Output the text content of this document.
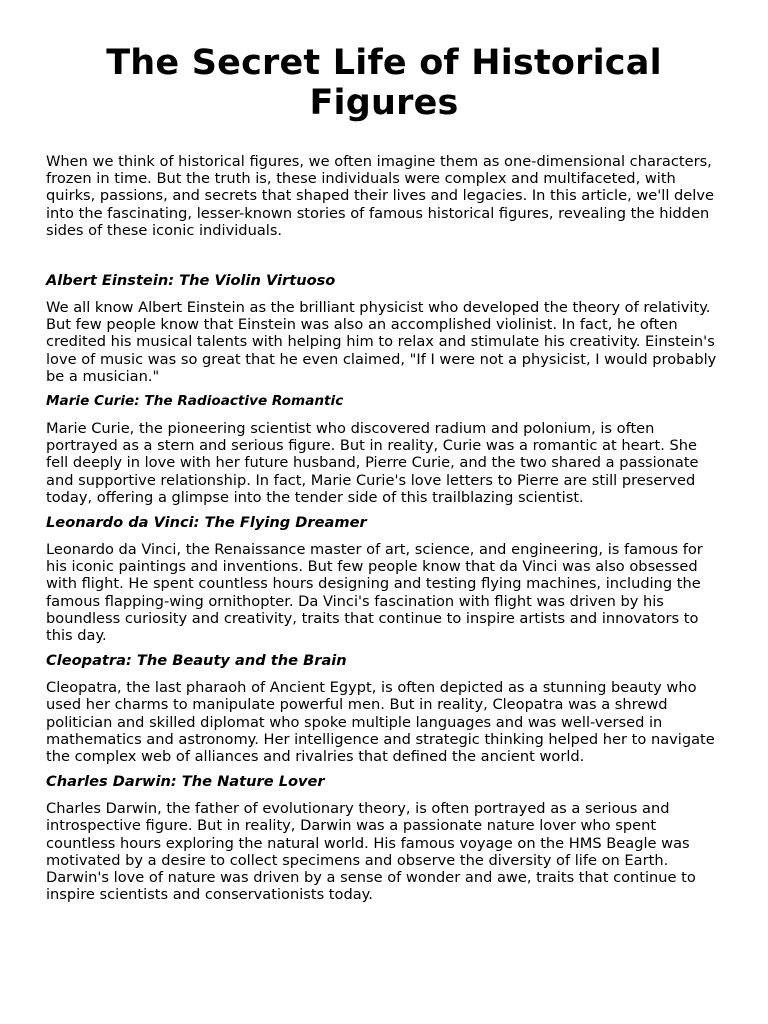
The Secret Life of Historical Figures

When we think of historical figures, we often imagine them as one-dimensional characters, frozen in time. But the truth is, these individuals were complex and multifaceted, with quirks, passions, and secrets that shaped their lives and legacies. In this article, we'll delve into the fascinating, lesser-known stories of famous historical figures, revealing the hidden sides of these iconic individuals.

Albert Einstein: The Violin Virtuoso

We all know Albert Einstein as the brilliant physicist who developed the theory of relativity. But few people know that Einstein was also an accomplished violinist. In fact, he often credited his musical talents with helping him to relax and stimulate his creativity. Einstein's love of music was so great that he even claimed, "If I were not a physicist, I would probably be a musician."

Marie Curie: The Radioactive Romantic

Marie Curie, the pioneering scientist who discovered radium and polonium, is often portrayed as a stern and serious figure. But in reality, Curie was a romantic at heart. She fell deeply in love with her future husband, Pierre Curie, and the two shared a passionate and supportive relationship. In fact, Marie Curie's love letters to Pierre are still preserved today, offering a glimpse into the tender side of this trailblazing scientist.

Leonardo da Vinci: The Flying Dreamer

Leonardo da Vinci, the Renaissance master of art, science, and engineering, is famous for his iconic paintings and inventions. But few people know that da Vinci was also obsessed with flight. He spent countless hours designing and testing flying machines, including the famous flapping-wing ornithopter. Da Vinci's fascination with flight was driven by his boundless curiosity and creativity, traits that continue to inspire artists and innovators to this day.

Cleopatra: The Beauty and the Brain

Cleopatra, the last pharaoh of Ancient Egypt, is often depicted as a stunning beauty who used her charms to manipulate powerful men. But in reality, Cleopatra was a shrewd politician and skilled diplomat who spoke multiple languages and was well-versed in mathematics and astronomy. Her intelligence and strategic thinking helped her to navigate the complex web of alliances and rivalries that defined the ancient world.

Charles Darwin: The Nature Lover

Charles Darwin, the father of evolutionary theory, is often portrayed as a serious and introspective figure. But in reality, Darwin was a passionate nature lover who spent countless hours exploring the natural world. His famous voyage on the HMS Beagle was motivated by a desire to collect specimens and observe the diversity of life on Earth. Darwin's love of nature was driven by a sense of wonder and awe, traits that continue to inspire scientists and conservationists today.
